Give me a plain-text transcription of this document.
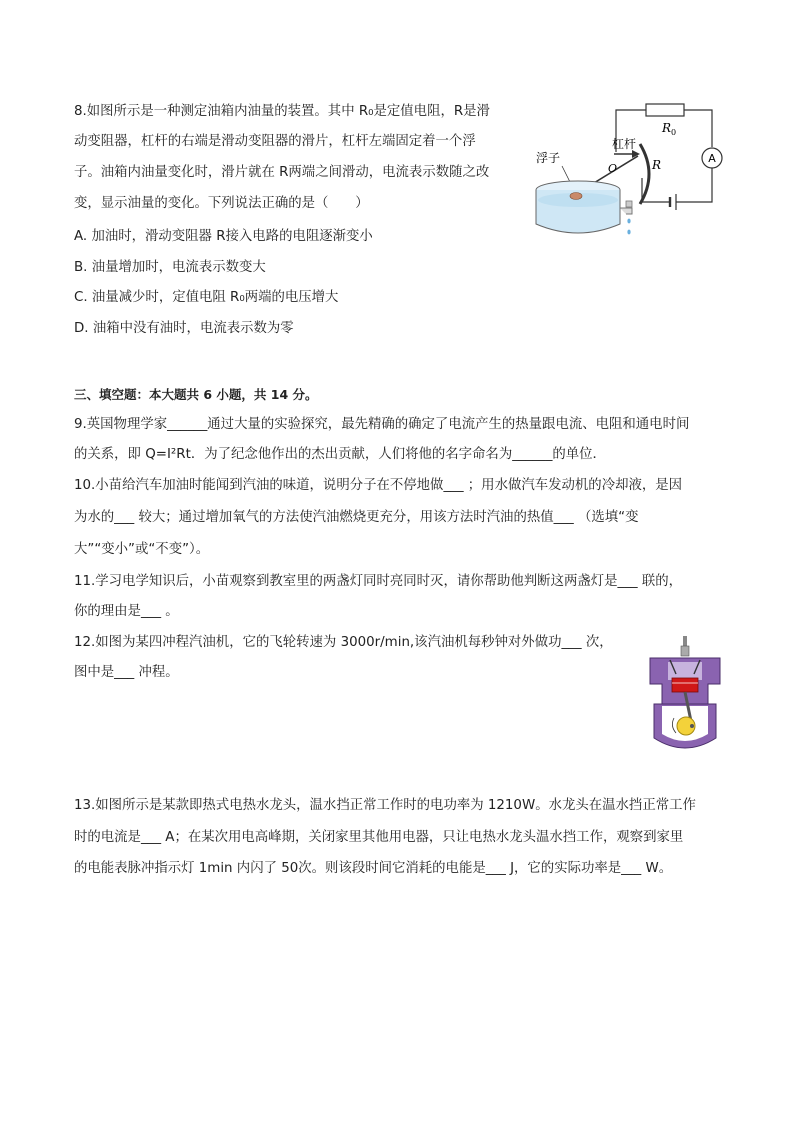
8.如图所示是一种测定油箱内油量的装置。其中 R₀是定值电阻，R是滑
动变阻器，杠杆的右端是滑动变阻器的滑片，杠杆左端固定着一个浮
子。油箱内油量变化时，滑片就在 R两端之间滑动，电流表示数随之改
变，显示油量的变化。下列说法正确的是（　　）
A. 加油时，滑动变阻器 R接入电路的电阻逐渐变小
B. 油量增加时，电流表示数变大
C. 油量减少时，定值电阻 R₀两端的电压增大
D. 油箱中没有油时，电流表示数为零
A
R 0
R
杠杆
O
浮子
三、填空题：本大题共 6 小题，共 14 分。
9.英国物理学家______通过大量的实验探究，最先精确的确定了电流产生的热量跟电流、电阻和通电时间
的关系，即 Q=I²Rt．为了纪念他作出的杰出贡献，人们将他的名字命名为______的单位．
10.小苗给汽车加油时能闻到汽油的味道，说明分子在不停地做___ ；用水做汽车发动机的冷却液，是因
为水的___ 较大；通过增加氧气的方法使汽油燃烧更充分，用该方法时汽油的热值___ （选填“变
大”“变小”或“不变”）。
11.学习电学知识后，小苗观察到教室里的两盏灯同时亮同时灭，请你帮助他判断这两盏灯是___ 联的，
你的理由是___ 。
12.如图为某四冲程汽油机，它的飞轮转速为 3000r/min,该汽油机每秒钟对外做功___ 次，
图中是___ 冲程。
13.如图所示是某款即热式电热水龙头，温水挡正常工作时的电功率为 1210W。水龙头在温水挡正常工作
时的电流是___ A；在某次用电高峰期，关闭家里其他用电器，只让电热水龙头温水挡工作，观察到家里
的电能表脉冲指示灯 1min 内闪了 50次。则该段时间它消耗的电能是___ J，它的实际功率是___ W。
